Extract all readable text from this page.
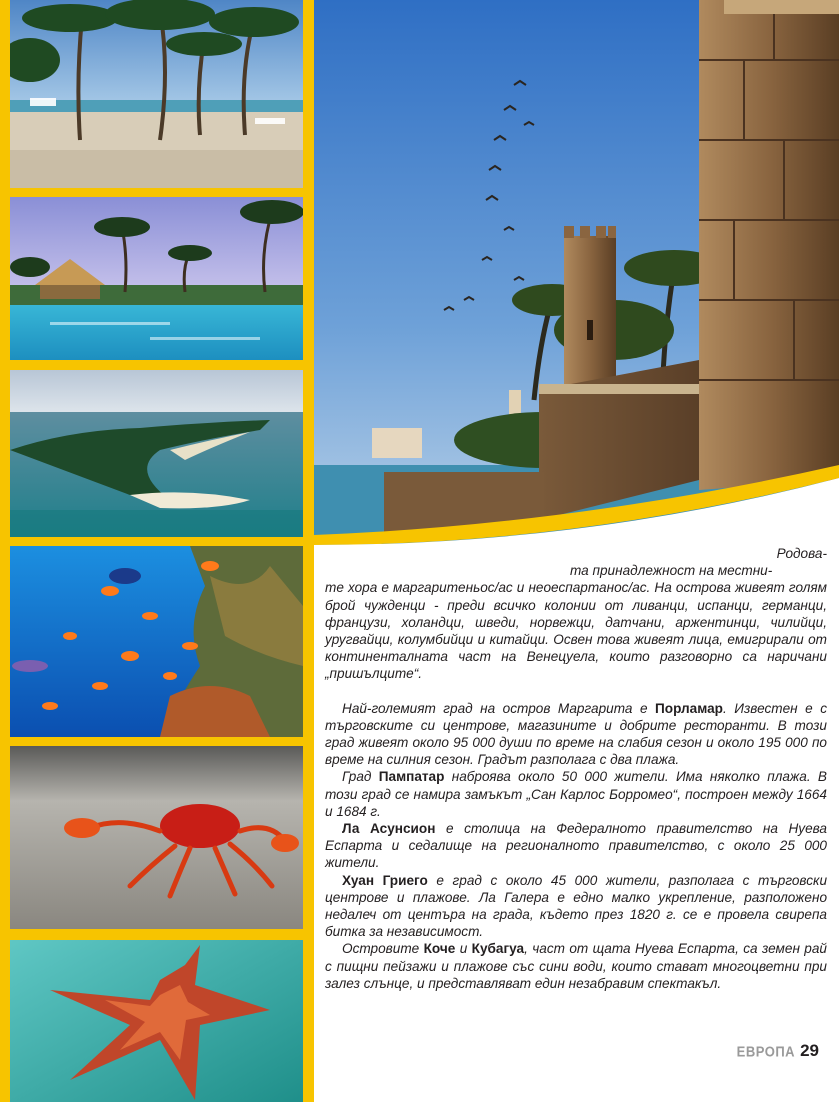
Родова-
та принадлежност на местни-
те хора е маргаритеньос/ас и неоеспартанос/ас. На острова живеят голям брой чужденци - преди всичко колонии от ливанци, испанци, германци, французи, холандци, шведи, норвежци, датчани, аржентинци, чилийци, уругвайци, колумбийци и китайци. Освен това живеят лица, емигрирали от континенталната част на Венецуела, които разговорно са наричани „пришълците“.

Най-големият град на остров Маргарита е Порламар. Известен е с търговските си центрове, магазините и добрите ресторанти. В този град живеят около 95 000 души по време на слабия сезон и около 195 000 по време на силния сезон. Градът разполага с два плажа.

Град Пампатар наброява около 50 000 жители. Има няколко плажа. В този град се намира замъкът „Сан Карлос Борромео“, построен между 1664 и 1684 г.

Ла Асунсион е столица на Федералното правителство на Нуева Еспарта и седалище на регионалното правителство, с около 25 000 жители.

Хуан Гриего е град с около 45 000 жители, разполага с търговски центрове и плажове. Ла Галера е едно малко укрепление, разположено недалеч от центъра на града, където през 1820 г. се е провела свирепа битка за независимост.

Островите Коче и Кубагуа, част от щата Нуева Еспарта, са земен рай с пищни пейзажи и плажове със сини води, които стават многоцветни при залез слънце, и представляват един незабравим спектакъл.

ЕВРОПА 29
